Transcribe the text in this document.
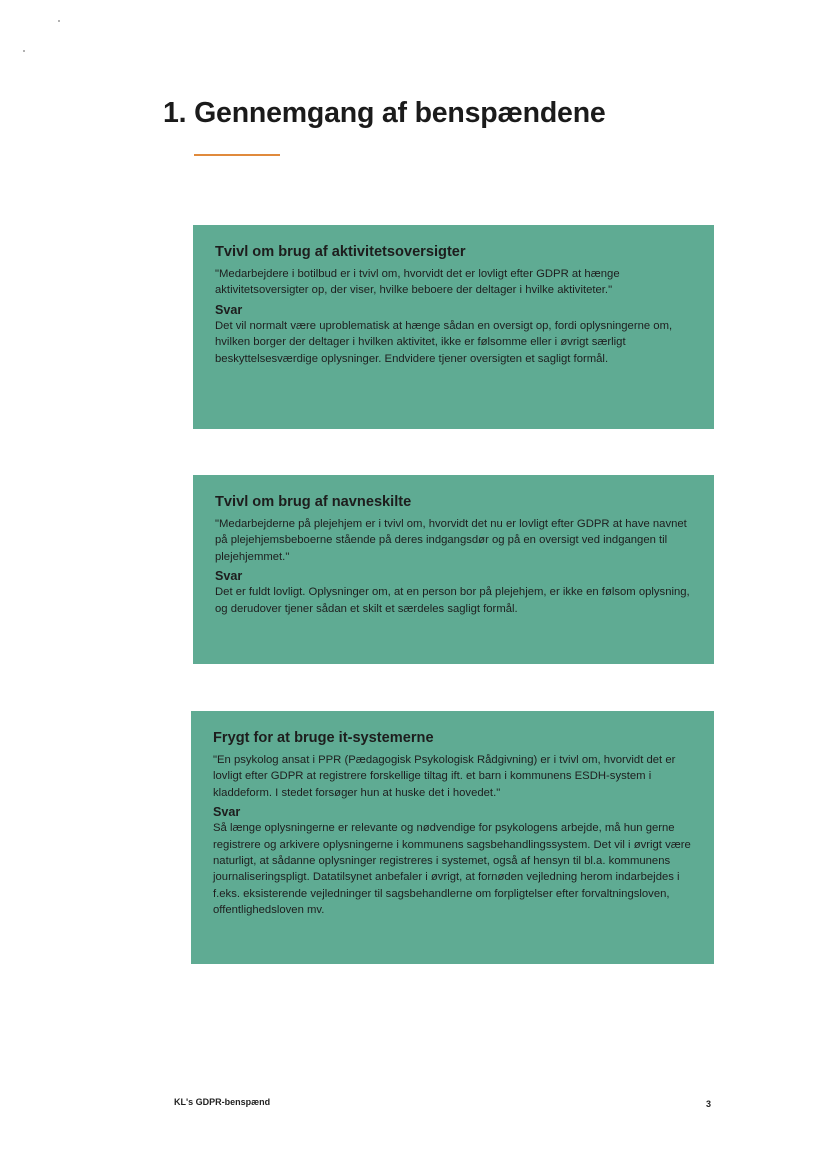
1. Gennemgang af benspændene

Tvivl om brug af aktivitetsoversigter

"Medarbejdere i botilbud er i tvivl om, hvorvidt det er lovligt efter GDPR at hænge aktivitetsoversigter op, der viser, hvilke beboere der deltager i hvilke aktiviteter."

Svar

Det vil normalt være uproblematisk at hænge sådan en oversigt op, fordi oplysningerne om, hvilken borger der deltager i hvilken aktivitet, ikke er følsomme eller i øvrigt særligt beskyttelsesværdige oplysninger. Endvidere tjener oversigten et sagligt formål.

Tvivl om brug af navneskilte

"Medarbejderne på plejehjem er i tvivl om, hvorvidt det nu er lovligt efter GDPR at have navnet på plejehjemsbeboerne stående på deres indgangsdør og på en oversigt ved indgangen til plejehjemmet."

Svar

Det er fuldt lovligt. Oplysninger om, at en person bor på plejehjem, er ikke en følsom oplysning, og derudover tjener sådan et skilt et særdeles sagligt formål.

Frygt for at bruge it-systemerne

"En psykolog ansat i PPR (Pædagogisk Psykologisk Rådgivning) er i tvivl om, hvorvidt det er lovligt efter GDPR at registrere forskellige tiltag ift. et barn i kommunens ESDH-system i kladdeform. I stedet forsøger hun at huske det i hovedet."

Svar

Så længe oplysningerne er relevante og nødvendige for psykologens arbejde, må hun gerne registrere og arkivere oplysningerne i kommunens sagsbehandlingssystem. Det vil i øvrigt være naturligt, at sådanne oplysninger registreres i systemet, også af hensyn til bl.a. kommunens journaliseringspligt. Datatilsynet anbefaler i øvrigt, at fornøden vejledning herom indarbejdes i f.eks. eksisterende vejledninger til sagsbehandlerne om forpligtelser efter forvaltningsloven, offentlighedsloven mv.

KL's GDPR-benspænd	3
